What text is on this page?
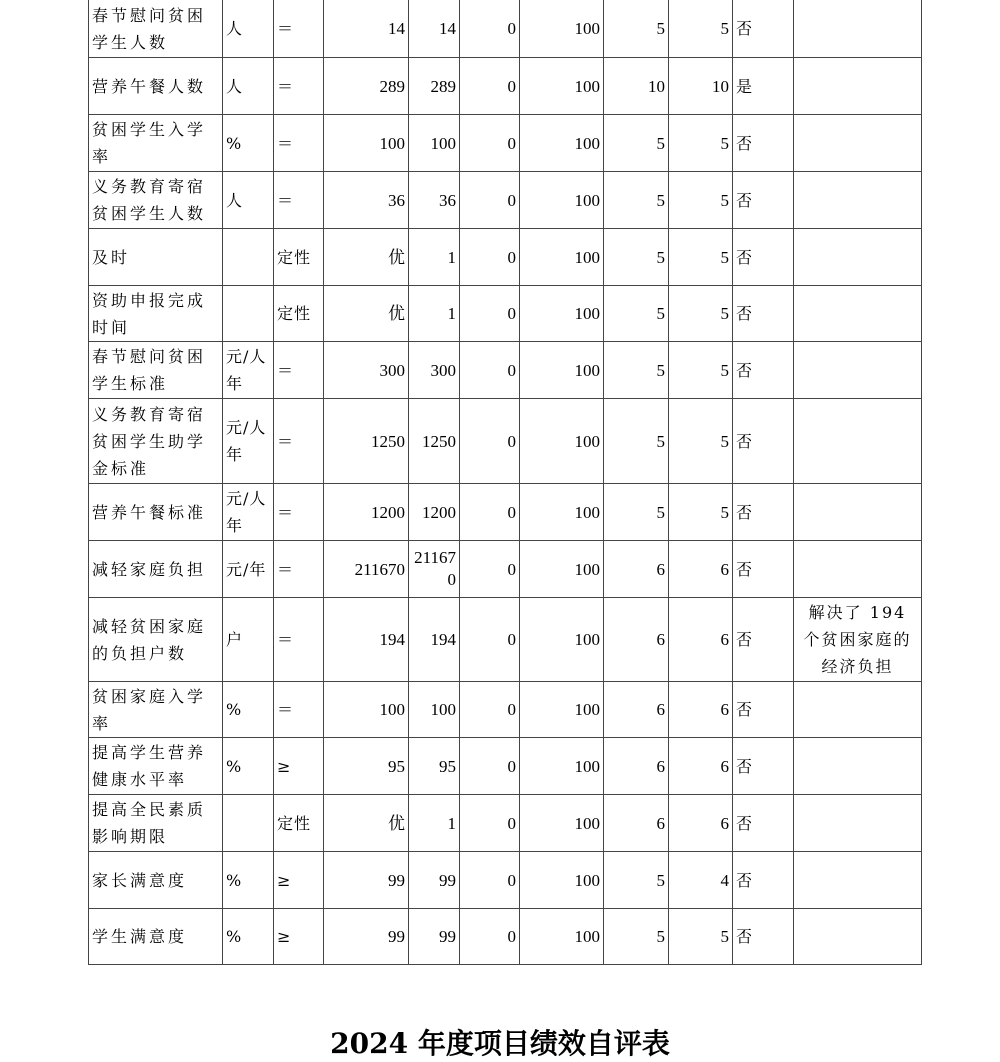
春节慰问贫困学生人数	人	＝	14	14	0	100	5	5	否	
营养午餐人数	人	＝	289	289	0	100	10	10	是	
贫困学生入学率	%	＝	100	100	0	100	5	5	否	
义务教育寄宿贫困学生人数	人	＝	36	36	0	100	5	5	否	
及时		定性	优	1	0	100	5	5	否	
资助申报完成时间		定性	优	1	0	100	5	5	否	
春节慰问贫困学生标准	元/人年	＝	300	300	0	100	5	5	否	
义务教育寄宿贫困学生助学金标准	元/人年	＝	1250	1250	0	100	5	5	否	
营养午餐标准	元/人年	＝	1200	1200	0	100	5	5	否	
减轻家庭负担	元/年	＝	211670	211670	0	100	6	6	否	
减轻贫困家庭的负担户数	户	＝	194	194	0	100	6	6	否	解决了 194 个贫困家庭的经济负担
贫困家庭入学率	%	＝	100	100	0	100	6	6	否	
提高学生营养健康水平率	%	≥	95	95	0	100	6	6	否	
提高全民素质影响期限		定性	优	1	0	100	6	6	否	
家长满意度	%	≥	99	99	0	100	5	4	否	
学生满意度	%	≥	99	99	0	100	5	5	否	
2024 年度项目绩效自评表
